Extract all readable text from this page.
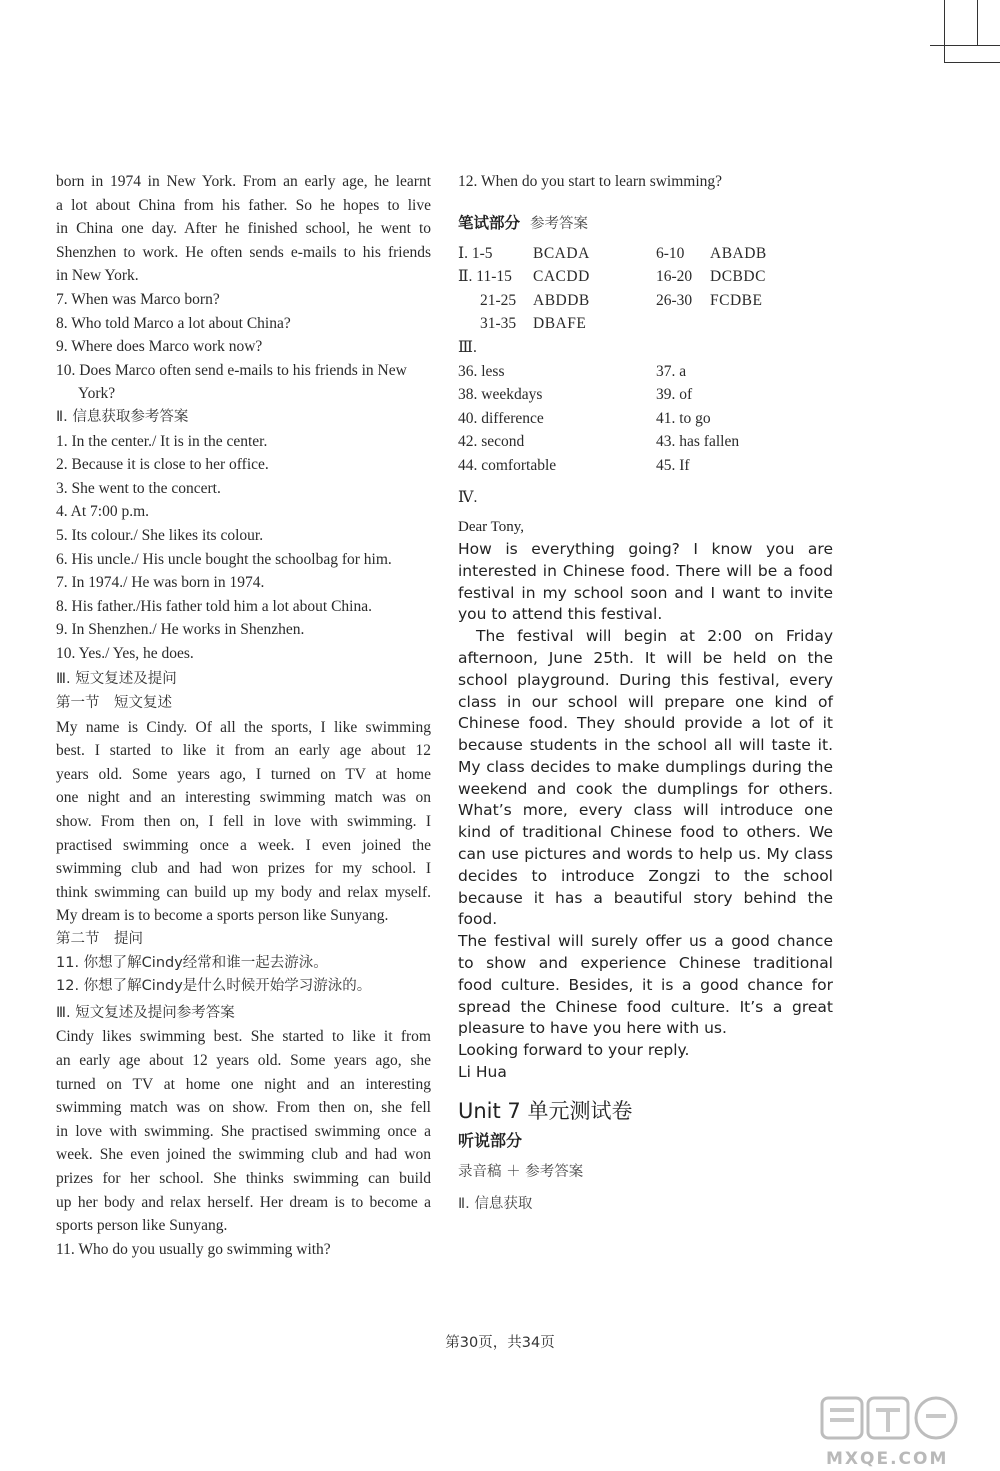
born in 1974 in New York. From an early age, he learnt
a lot about China from his father. So he hopes to live
in China one day. After he finished school, he went to
Shenzhen to work. He often sends e-mails to his friends
in New York.
7. When was Marco born?
8. Who told Marco a lot about China?
9. Where does Marco work now?
10. Does Marco often send e-mails to his friends in New
York?
Ⅱ. 信息获取参考答案
1. In the center./ It is in the center.
2. Because it is close to her office.
3. She went to the concert.
4. At 7:00 p.m.
5. Its colour./ She likes its colour.
6. His uncle./ His uncle bought the schoolbag for him.
7. In 1974./ He was born in 1974.
8. His father./His father told him a lot about China.
9. In Shenzhen./ He works in Shenzhen.
10. Yes./ Yes, he does.
Ⅲ. 短文复述及提问
第一节　短文复述
My name is Cindy. Of all the sports, I like swimming
best. I started to like it from an early age about 12
years old. Some years ago, I turned on TV at home
one night and an interesting swimming match was on
show. From then on, I fell in love with swimming. I
practised swimming once a week. I even joined the
swimming club and had won prizes for my school. I
think swimming can build up my body and relax myself.
My dream is to become a sports person like Sunyang.
第二节　提问
11. 你想了解Cindy经常和谁一起去游泳。
12. 你想了解Cindy是什么时候开始学习游泳的。
Ⅲ. 短文复述及提问参考答案
Cindy likes swimming best. She started to like it from
an early age about 12 years old. Some years ago, she
turned on TV at home one night and an interesting
swimming match was on show. From then on, she fell
in love with swimming. She practised swimming once a
week. She even joined the swimming club and had won
prizes for her school. She thinks swimming can build
up her body and relax herself. Her dream is to become a
sports person like Sunyang.
11. Who do you usually go swimming with?
12. When do you start to learn swimming?
笔试部分 参考答案
Ⅰ. 1-5	BCADA	6-10	ABADB
Ⅱ. 11-15	CACDD	16-20	DCBDC
21-25	ABDDB	26-30	FCDBE
31-35	DBAFE
Ⅲ.
36. less	37. a
38. weekdays	39. of
40. difference	41. to go
42. second	43. has fallen
44. comfortable	45. If
Ⅳ.
Dear Tony,
How is everything going? I know you are interested in Chinese food. There will be a food festival in my school soon and I want to invite you to attend this festival.
The festival will begin at 2:00 on Friday afternoon, June 25th. It will be held on the school playground. During this festival, every class in our school will prepare one kind of Chinese food. They should provide a lot of it because students in the school all will taste it. My class decides to make dumplings during the weekend and cook the dumplings for others. What’s more, every class will introduce one kind of traditional Chinese food to others. We can use pictures and words to help us. My class decides to introduce Zongzi to the school because it has a beautiful story behind the food.
The festival will surely offer us a good chance to show and experience Chinese traditional food culture. Besides, it is a good chance for spread the Chinese food culture. It’s a great pleasure to have you here with us.
Looking forward to your reply.
Li Hua
Unit 7 单元测试卷
听说部分
录音稿 ＋ 参考答案
Ⅱ. 信息获取
第30页，共34页
MXQE.COM
